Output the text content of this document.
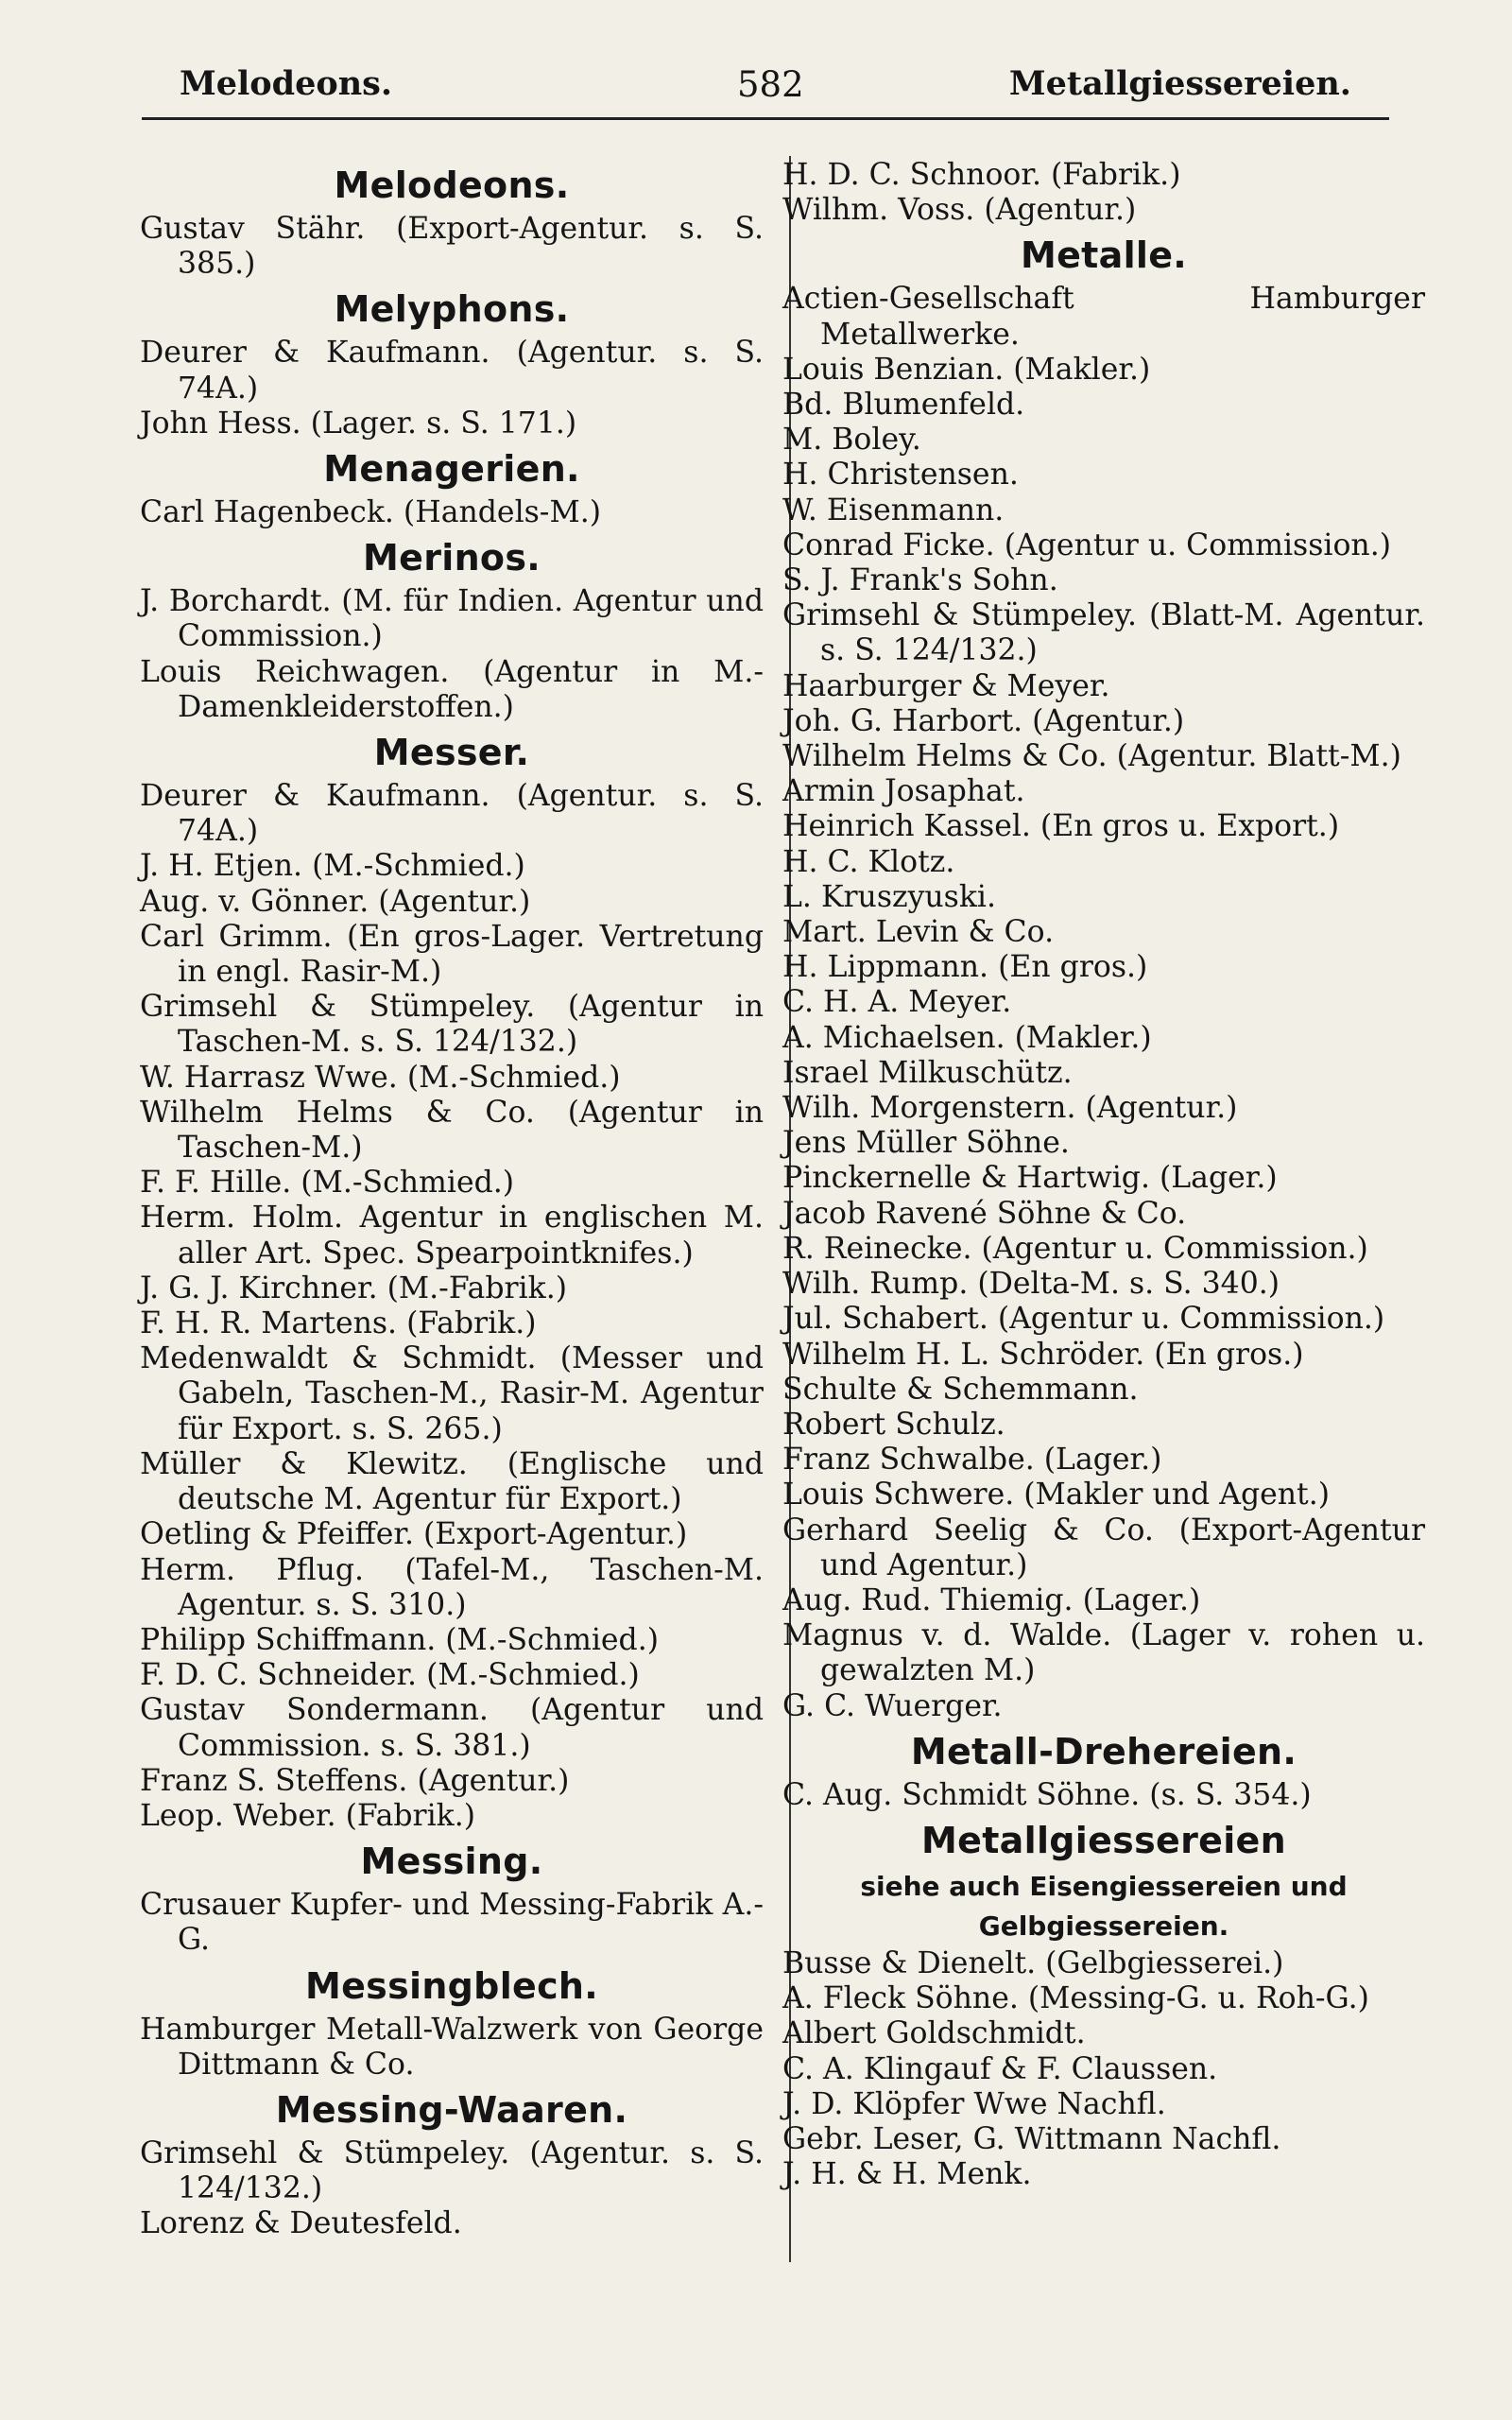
Melodeons.	582	Metallgiessereien.
Melodeons.
Gustav Stähr. (Export-Agentur. s. S. 385.)
Melyphons.
Deurer & Kaufmann. (Agentur. s. S. 74A.)
John Hess. (Lager. s. S. 171.)
Menagerien.
Carl Hagenbeck. (Handels-M.)
Merinos.
J. Borchardt. (M. für Indien. Agentur und Commission.)
Louis Reichwagen. (Agentur in M.-Damenkleiderstoffen.)
Messer.
Deurer & Kaufmann. (Agentur. s. S. 74A.)
J. H. Etjen. (M.-Schmied.)
Aug. v. Gönner. (Agentur.)
Carl Grimm. (En gros-Lager. Vertretung in engl. Rasir-M.)
Grimsehl & Stümpeley. (Agentur in Taschen-M. s. S. 124/132.)
W. Harrasz Wwe. (M.-Schmied.)
Wilhelm Helms & Co. (Agentur in Taschen-M.)
F. F. Hille. (M.-Schmied.)
Herm. Holm. Agentur in englischen M. aller Art. Spec. Spearpointknifes.)
J. G. J. Kirchner. (M.-Fabrik.)
F. H. R. Martens. (Fabrik.)
Medenwaldt & Schmidt. (Messer und Gabeln, Taschen-M., Rasir-M. Agentur für Export. s. S. 265.)
Müller & Klewitz. (Englische und deutsche M. Agentur für Export.)
Oetling & Pfeiffer. (Export-Agentur.)
Herm. Pflug. (Tafel-M., Taschen-M. Agentur. s. S. 310.)
Philipp Schiffmann. (M.-Schmied.)
F. D. C. Schneider. (M.-Schmied.)
Gustav Sondermann. (Agentur und Commission. s. S. 381.)
Franz S. Steffens. (Agentur.)
Leop. Weber. (Fabrik.)
Messing.
Crusauer Kupfer- und Messing-Fabrik A.-G.
Messingblech.
Hamburger Metall-Walzwerk von George Dittmann & Co.
Messing-Waaren.
Grimsehl & Stümpeley. (Agentur. s. S. 124/132.)
Lorenz & Deutesfeld.
H. D. C. Schnoor. (Fabrik.)
Wilhm. Voss. (Agentur.)
Metalle.
Actien-Gesellschaft Hamburger Metallwerke.
Louis Benzian. (Makler.)
Bd. Blumenfeld.
M. Boley.
H. Christensen.
W. Eisenmann.
Conrad Ficke. (Agentur u. Commission.)
S. J. Frank's Sohn.
Grimsehl & Stümpeley. (Blatt-M. Agentur. s. S. 124/132.)
Haarburger & Meyer.
Joh. G. Harbort. (Agentur.)
Wilhelm Helms & Co. (Agentur. Blatt-M.)
Armin Josaphat.
Heinrich Kassel. (En gros u. Export.)
H. C. Klotz.
L. Kruszyuski.
Mart. Levin & Co.
H. Lippmann. (En gros.)
C. H. A. Meyer.
A. Michaelsen. (Makler.)
Israel Milkuschütz.
Wilh. Morgenstern. (Agentur.)
Jens Müller Söhne.
Pinckernelle & Hartwig. (Lager.)
Jacob Ravené Söhne & Co.
R. Reinecke. (Agentur u. Commission.)
Wilh. Rump. (Delta-M. s. S. 340.)
Jul. Schabert. (Agentur u. Commission.)
Wilhelm H. L. Schröder. (En gros.)
Schulte & Schemmann.
Robert Schulz.
Franz Schwalbe. (Lager.)
Louis Schwere. (Makler und Agent.)
Gerhard Seelig & Co. (Export-Agentur und Agentur.)
Aug. Rud. Thiemig. (Lager.)
Magnus v. d. Walde. (Lager v. rohen u. gewalzten M.)
G. C. Wuerger.
Metall-Drehereien.
C. Aug. Schmidt Söhne. (s. S. 354.)
Metallgiessereien
siehe auch Eisengiessereien und Gelbgiessereien.
Busse & Dienelt. (Gelbgiesserei.)
A. Fleck Söhne. (Messing-G. u. Roh-G.)
Albert Goldschmidt.
C. A. Klingauf & F. Claussen.
J. D. Klöpfer Wwe Nachfl.
Gebr. Leser, G. Wittmann Nachfl.
J. H. & H. Menk.
